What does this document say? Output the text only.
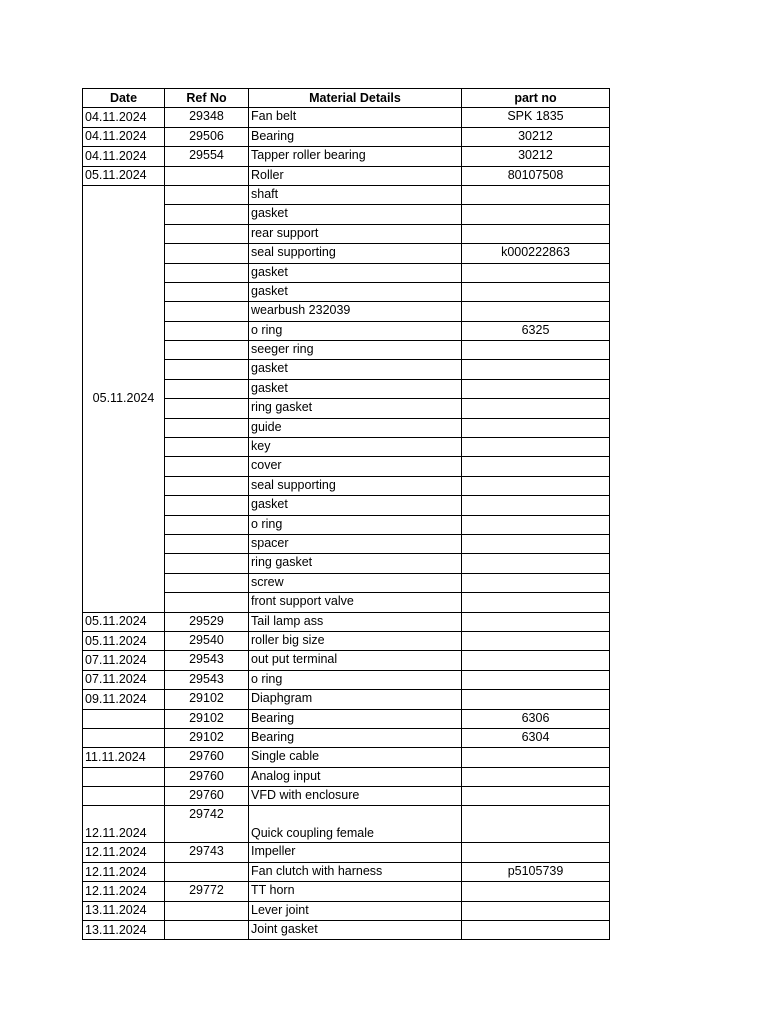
Date	Ref No	Material Details	part no
04.11.2024	29348	Fan belt	SPK 1835
04.11.2024	29506	Bearing	30212
04.11.2024	29554	Tapper roller bearing	30212
05.11.2024		Roller	80107508
05.11.2024		shaft	
		gasket	
		rear support	
		seal supporting	k000222863
		gasket	
		gasket	
		wearbush 232039	
		o ring	6325
		seeger ring	
		gasket	
		gasket	
		ring gasket	
		guide	
		key	
		cover	
		seal supporting	
		gasket	
		o ring	
		spacer	
		ring gasket	
		screw	
		front support valve	
05.11.2024	29529	Tail lamp ass	
05.11.2024	29540	roller big size	
07.11.2024	29543	out put terminal	
07.11.2024	29543	o ring	
09.11.2024	29102	Diaphgram	
	29102	Bearing	6306
	29102	Bearing	6304
11.11.2024	29760	Single cable	
	29760	Analog input	
	29760	VFD with enclosure	
12.11.2024	29742	Quick coupling female	
12.11.2024	29743	Impeller	
12.11.2024		Fan clutch with harness	p5105739
12.11.2024	29772	TT horn	
13.11.2024		Lever joint	
13.11.2024		Joint gasket	
